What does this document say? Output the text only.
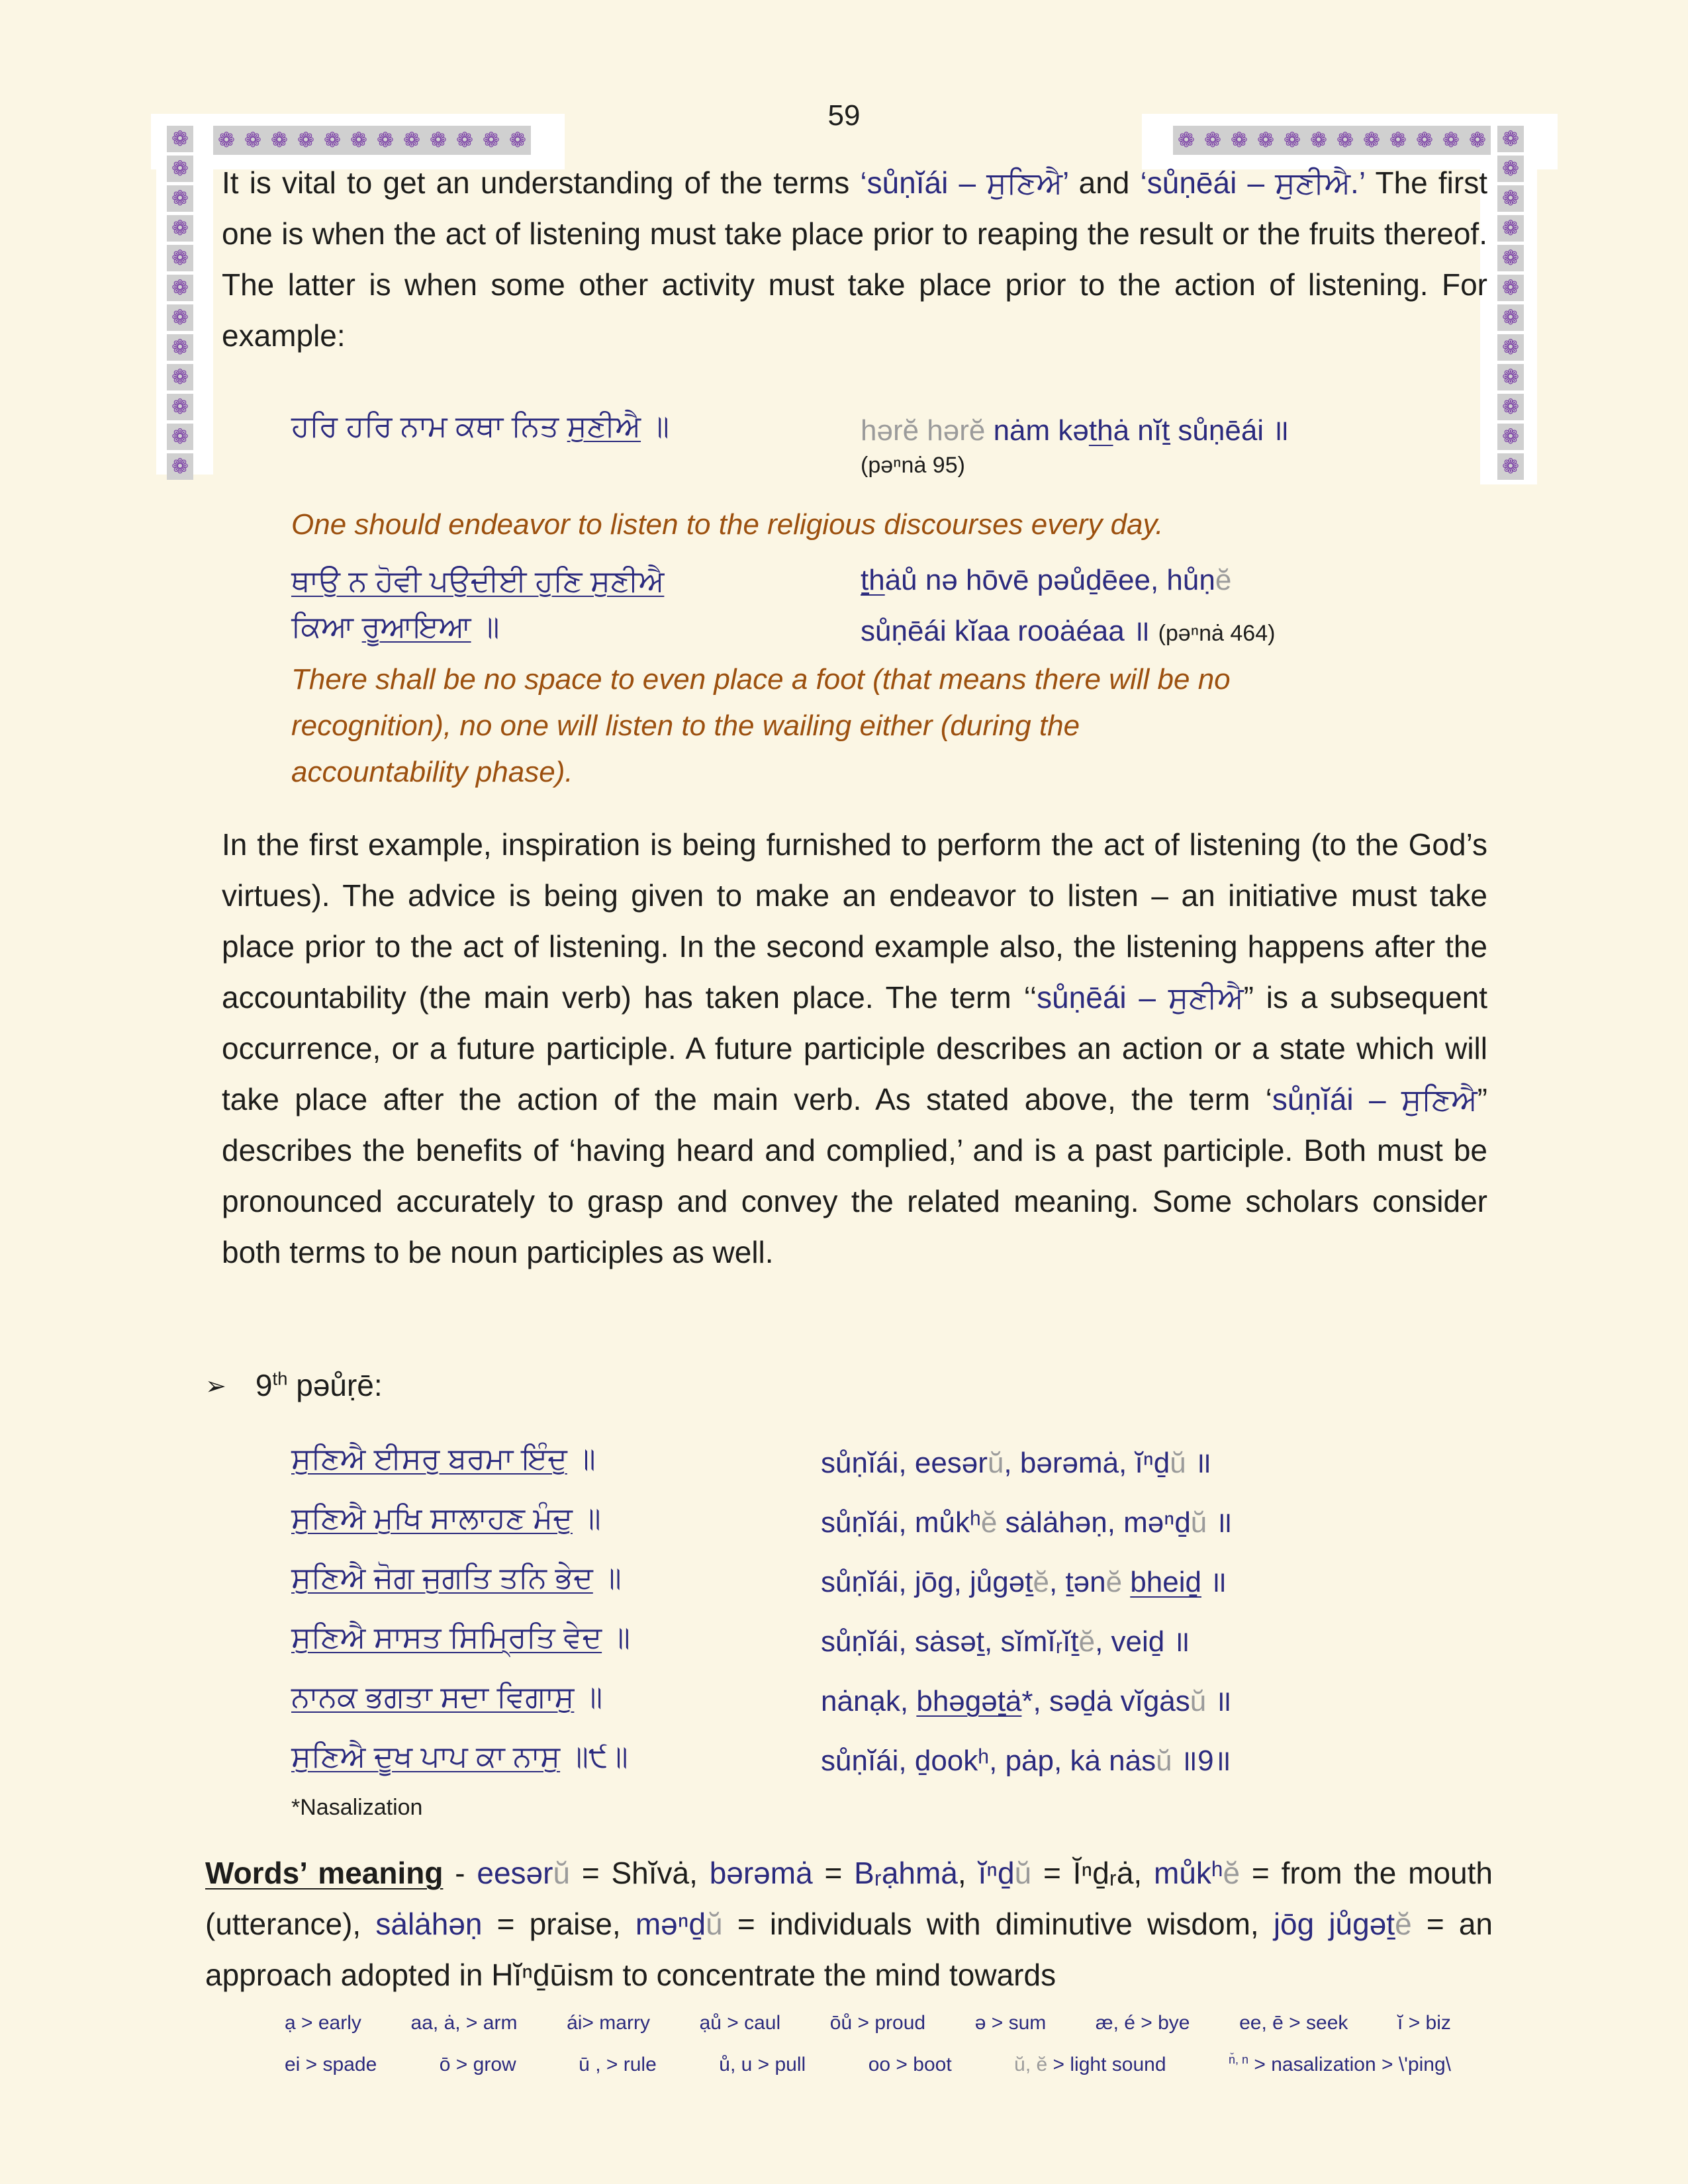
59
❁
❁
❁
❁
❁
❁
❁
❁
❁
❁
❁
❁
❁ ❁ ❁ ❁ ❁ ❁ ❁ ❁ ❁ ❁ ❁ ❁	❁ ❁ ❁ ❁ ❁ ❁ ❁ ❁ ❁ ❁ ❁ ❁ ❁
❁
❁
❁
❁
❁
❁
❁
❁
❁
❁
❁

It is vital to get an understanding of the terms ‘sůṇĭái – ਸੁਣਿਐ’ and ‘sůṇēái – ਸੁਣੀਐ.’ The first one is when the act of listening must take place prior to reaping the result or the fruits thereof. The latter is when some other activity must take place prior to the action of listening. For example:

ਹਰਿ ਹਰਿ ਨਾਮ ਕਥਾ ਨਿਤ ਸੁਣੀਐ ॥	hərĕ hərĕ nȧm kəthȧ nĭṯ sůṇēái ॥
(pəⁿnȧ 95)
One should endeavor to listen to the religious discourses every day.
ਥਾਉ ਨ ਹੋਵੀ ਪਉਦੀਈ ਹੁਣਿ ਸੁਣੀਐ	ṯhȧů nə hōvē pəůḏēee, hůṇĕ
ਕਿਆ ਰੂਆਇਆ ॥	sůṇēái kĭaa rooȧéaa ॥ (pəⁿnȧ 464)
There shall be no space to even place a foot (that means there will be no
recognition), no one will listen to the wailing either (during the
accountability phase).

In the first example, inspiration is being furnished to perform the act of listening (to the God’s virtues). The advice is being given to make an endeavor to listen – an initiative must take place prior to the act of listening. In the second example also, the listening happens after the accountability (the main verb) has taken place. The term ‘‘sůṇēái – ਸੁਣੀਐ” is a subsequent occurrence, or a future participle. A future participle describes an action or a state which will take place after the action of the main verb. As stated above, the term ‘sůṇĭái – ਸੁਣਿਐ” describes the benefits of ‘having heard and complied,’ and is a past participle. Both must be pronounced accurately to grasp and convey the related meaning. Some scholars consider both terms to be noun participles as well.

➢ 9th pəůṛē:
ਸੁਣਿਐ ਈਸਰੁ ਬਰਮਾ ਇੰਦੁ ॥	sůṇĭái, eesərŭ, bərəmȧ, ĭⁿḏŭ ॥
ਸੁਣਿਐ ਮੁਖਿ ਸਾਲਾਹਣ ਮੰਦੁ ॥	sůṇĭái, můkʰĕ sȧlȧhəṇ, məⁿḏŭ ॥
ਸੁਣਿਐ ਜੋਗ ਜੁਗਤਿ ਤਨਿ ਭੇਦ ॥	sůṇĭái, jōg, jůgəṯĕ, ṯənĕ bheiḏ ॥
ਸੁਣਿਐ ਸਾਸਤ ਸਿਮ੍ਰਿਤਿ ਵੇਦ ॥	sůṇĭái, sȧsəṯ, sĭmĭᵣĭṯĕ, veiḏ ॥
ਨਾਨਕ ਭਗਤਾ ਸਦਾ ਵਿਗਾਸੁ ॥	nȧnạk, bhəgəṯȧ*, səḏȧ vĭgȧsŭ ॥
ਸੁਣਿਐ ਦੂਖ ਪਾਪ ਕਾ ਨਾਸੁ ॥੯॥	sůṇĭái, ḏookʰ, pȧp, kȧ nȧsŭ ॥9॥
*Nasalization

Words’ meaning - eesərŭ = Shĭvȧ, bərəmȧ = Bᵣạhmȧ, ĭⁿḏŭ = Ĭⁿḏᵣȧ, můkʰĕ = from the mouth (utterance), sȧlȧhəṇ = praise, məⁿḏŭ = individuals with diminutive wisdom, jōg jůgəṯĕ = an approach adopted in Hĭⁿḏūism to concentrate the mind towards

ạ > early aa, ȧ, > arm ái> marry ạů > caul ōů > proud ə > sum æ, é > bye ee, ē > seek ĭ > biz
ei > spade	ō > grow	ū , > rule	ů, u > pull	oo > boot	ŭ, ĕ > light sound	$^{n̆, n}$ > nasalization > \'ping\
